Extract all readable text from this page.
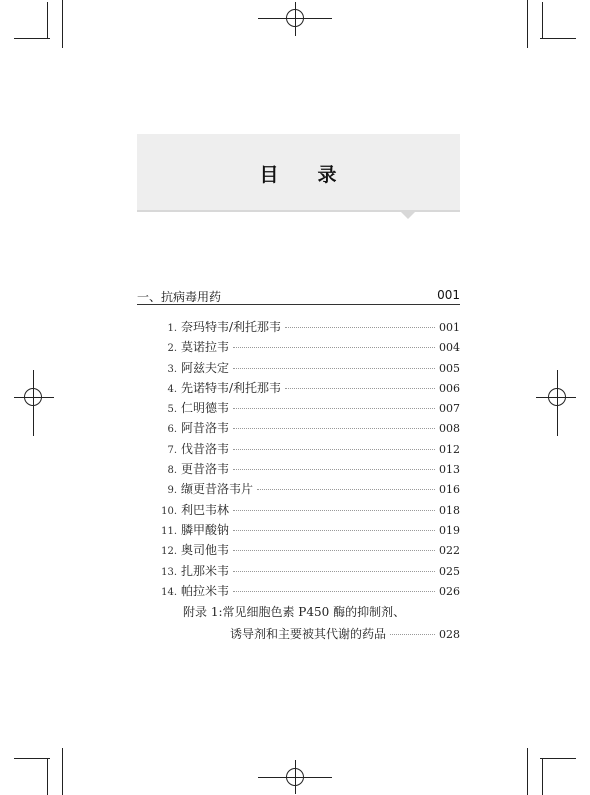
目 录
一、抗病毒用药	001
1. 奈玛特韦/利托那韦	001
2. 莫诺拉韦	004
3. 阿兹夫定	005
4. 先诺特韦/利托那韦	006
5. 仁明德韦	007
6. 阿昔洛韦	008
7. 伐昔洛韦	012
8. 更昔洛韦	013
9. 缬更昔洛韦片	016
10. 利巴韦林	018
11. 膦甲酸钠	019
12. 奥司他韦	022
13. 扎那米韦	025
14. 帕拉米韦	026
附录 1:常见细胞色素 P450 酶的抑制剂、
诱导剂和主要被其代谢的药品	028
